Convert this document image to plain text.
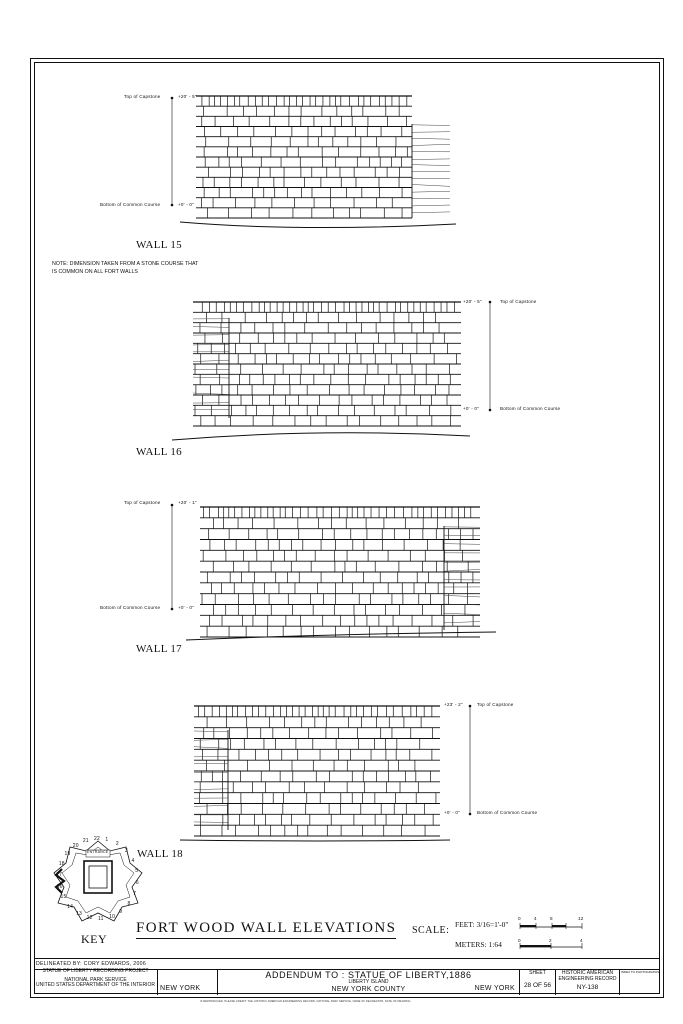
Top of Capstone	+20' - 5"
Bottom of Common Course	+0' - 0"
WALL 15
NOTE: DIMENSION TAKEN FROM A STONE COURSE THAT IS COMMON ON ALL FORT WALLS
+20' - 5"	Top of Capstone
+0' - 0"	Bottom of Common Course
WALL 16
Top of Capstone	+20' - 1"
Bottom of Common Course	+0' - 0"
WALL 17
+23' - 2"	Top of Capstone
+0' - 0"	Bottom of Common Course
WALL 18
ENTRANCE
1
2
3
4
5
6
7
8
9
10
11
12
13
14
15
16
17
18
19
20
21 22
KEY
FORT WOOD WALL ELEVATIONS SCALE:
FEET: 3/16=1'-0"
METERS: 1:64
0	4	8	12
0	2	4
DELINEATED BY: CORY EDWARDS, 2006
STATUE OF LIBERTY RECORDING PROJECT
NATIONAL PARK SERVICE
UNITED STATES DEPARTMENT OF THE INTERIOR NEW YORK
ADDENDUM TO : STATUE OF LIBERTY,1886
LIBERTY ISLAND
NEW YORK COUNTY	NEW YORK
SHEET
28 OF 56
HISTORIC AMERICAN
ENGINEERING RECORD
NY-138
INDEX TO PHOTOGRAPHS
IF REPRODUCED, PLEASE CREDIT: THE HISTORIC AMERICAN ENGINEERING RECORD, NATIONAL PARK SERVICE, NAME OF DELINEATOR, DATE OF DRAWING
